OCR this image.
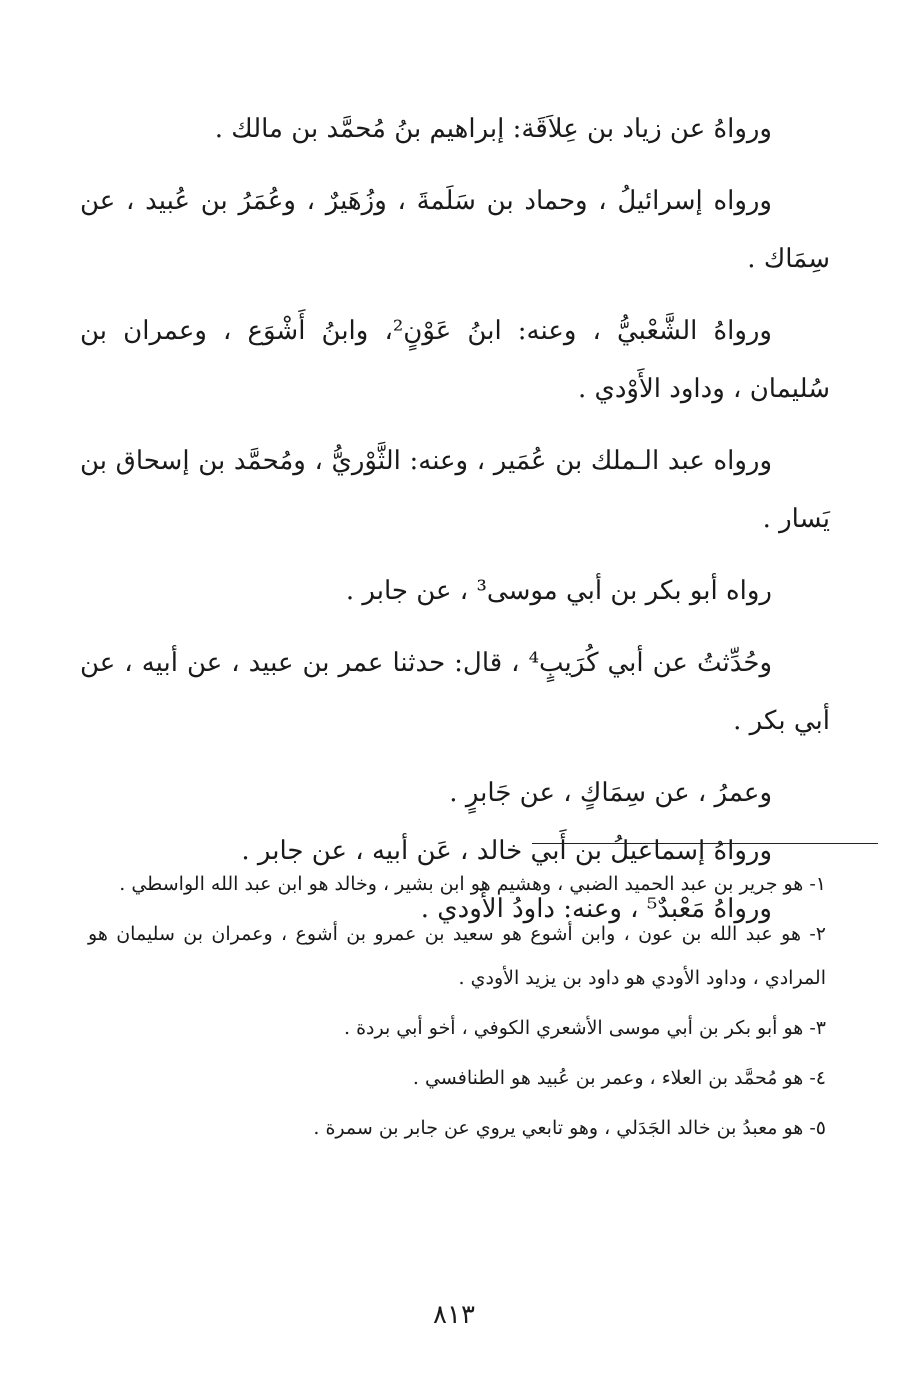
ورواهُ عن زياد بن عِلاَقَة: إبراهيم بنُ مُحمَّد بن مالك .

ورواه إسرائيلُ ، وحماد بن سَلَمةَ ، وزُهَيرٌ ، وعُمَرُ بن عُبيد ، عن سِمَاك .

ورواهُ الشَّعْبيُّ ، وعنه: ابنُ عَوْنٍ²، وابنُ أَشْوَع ، وعمران بن سُليمان ، وداود الأَوْدي .

ورواه عبد الـملك بن عُمَير ، وعنه: الثَّوْريُّ ، ومُحمَّد بن إسحاق بن يَسار .

رواه أبو بكر بن أبي موسى³ ، عن جابر .

وحُدِّثتُ عن أبي كُرَيبٍ⁴ ، قال: حدثنا عمر بن عبيد ، عن أبيه ، عن أبي بكر .

وعمرُ ، عن سِمَاكٍ ، عن جَابرٍ .

ورواهُ إسماعيلُ بن أَبي خالد ، عَن أبيه ، عن جابر .

ورواهُ مَعْبدٌ⁵ ، وعنه: داودُ الأَودي .

١- هو جرير بن عبد الحميد الضبي ، وهشيم هو ابن بشير ، وخالد هو ابن عبد الله الواسطي .

٢- هو عبد الله بن عون ، وابن أشوع هو سعيد بن عمرو بن أشوع ، وعمران بن سليمان هو المرادي ، وداود الأودي هو داود بن يزيد الأودي .

٣- هو أبو بكر بن أبي موسى الأشعري الكوفي ، أخو أبي بردة .

٤- هو مُحمَّد بن العلاء ، وعمر بن عُبيد هو الطنافسي .

٥- هو معبدُ بن خالد الجَدَلي ، وهو تابعي يروي عن جابر بن سمرة .

٨١٣
